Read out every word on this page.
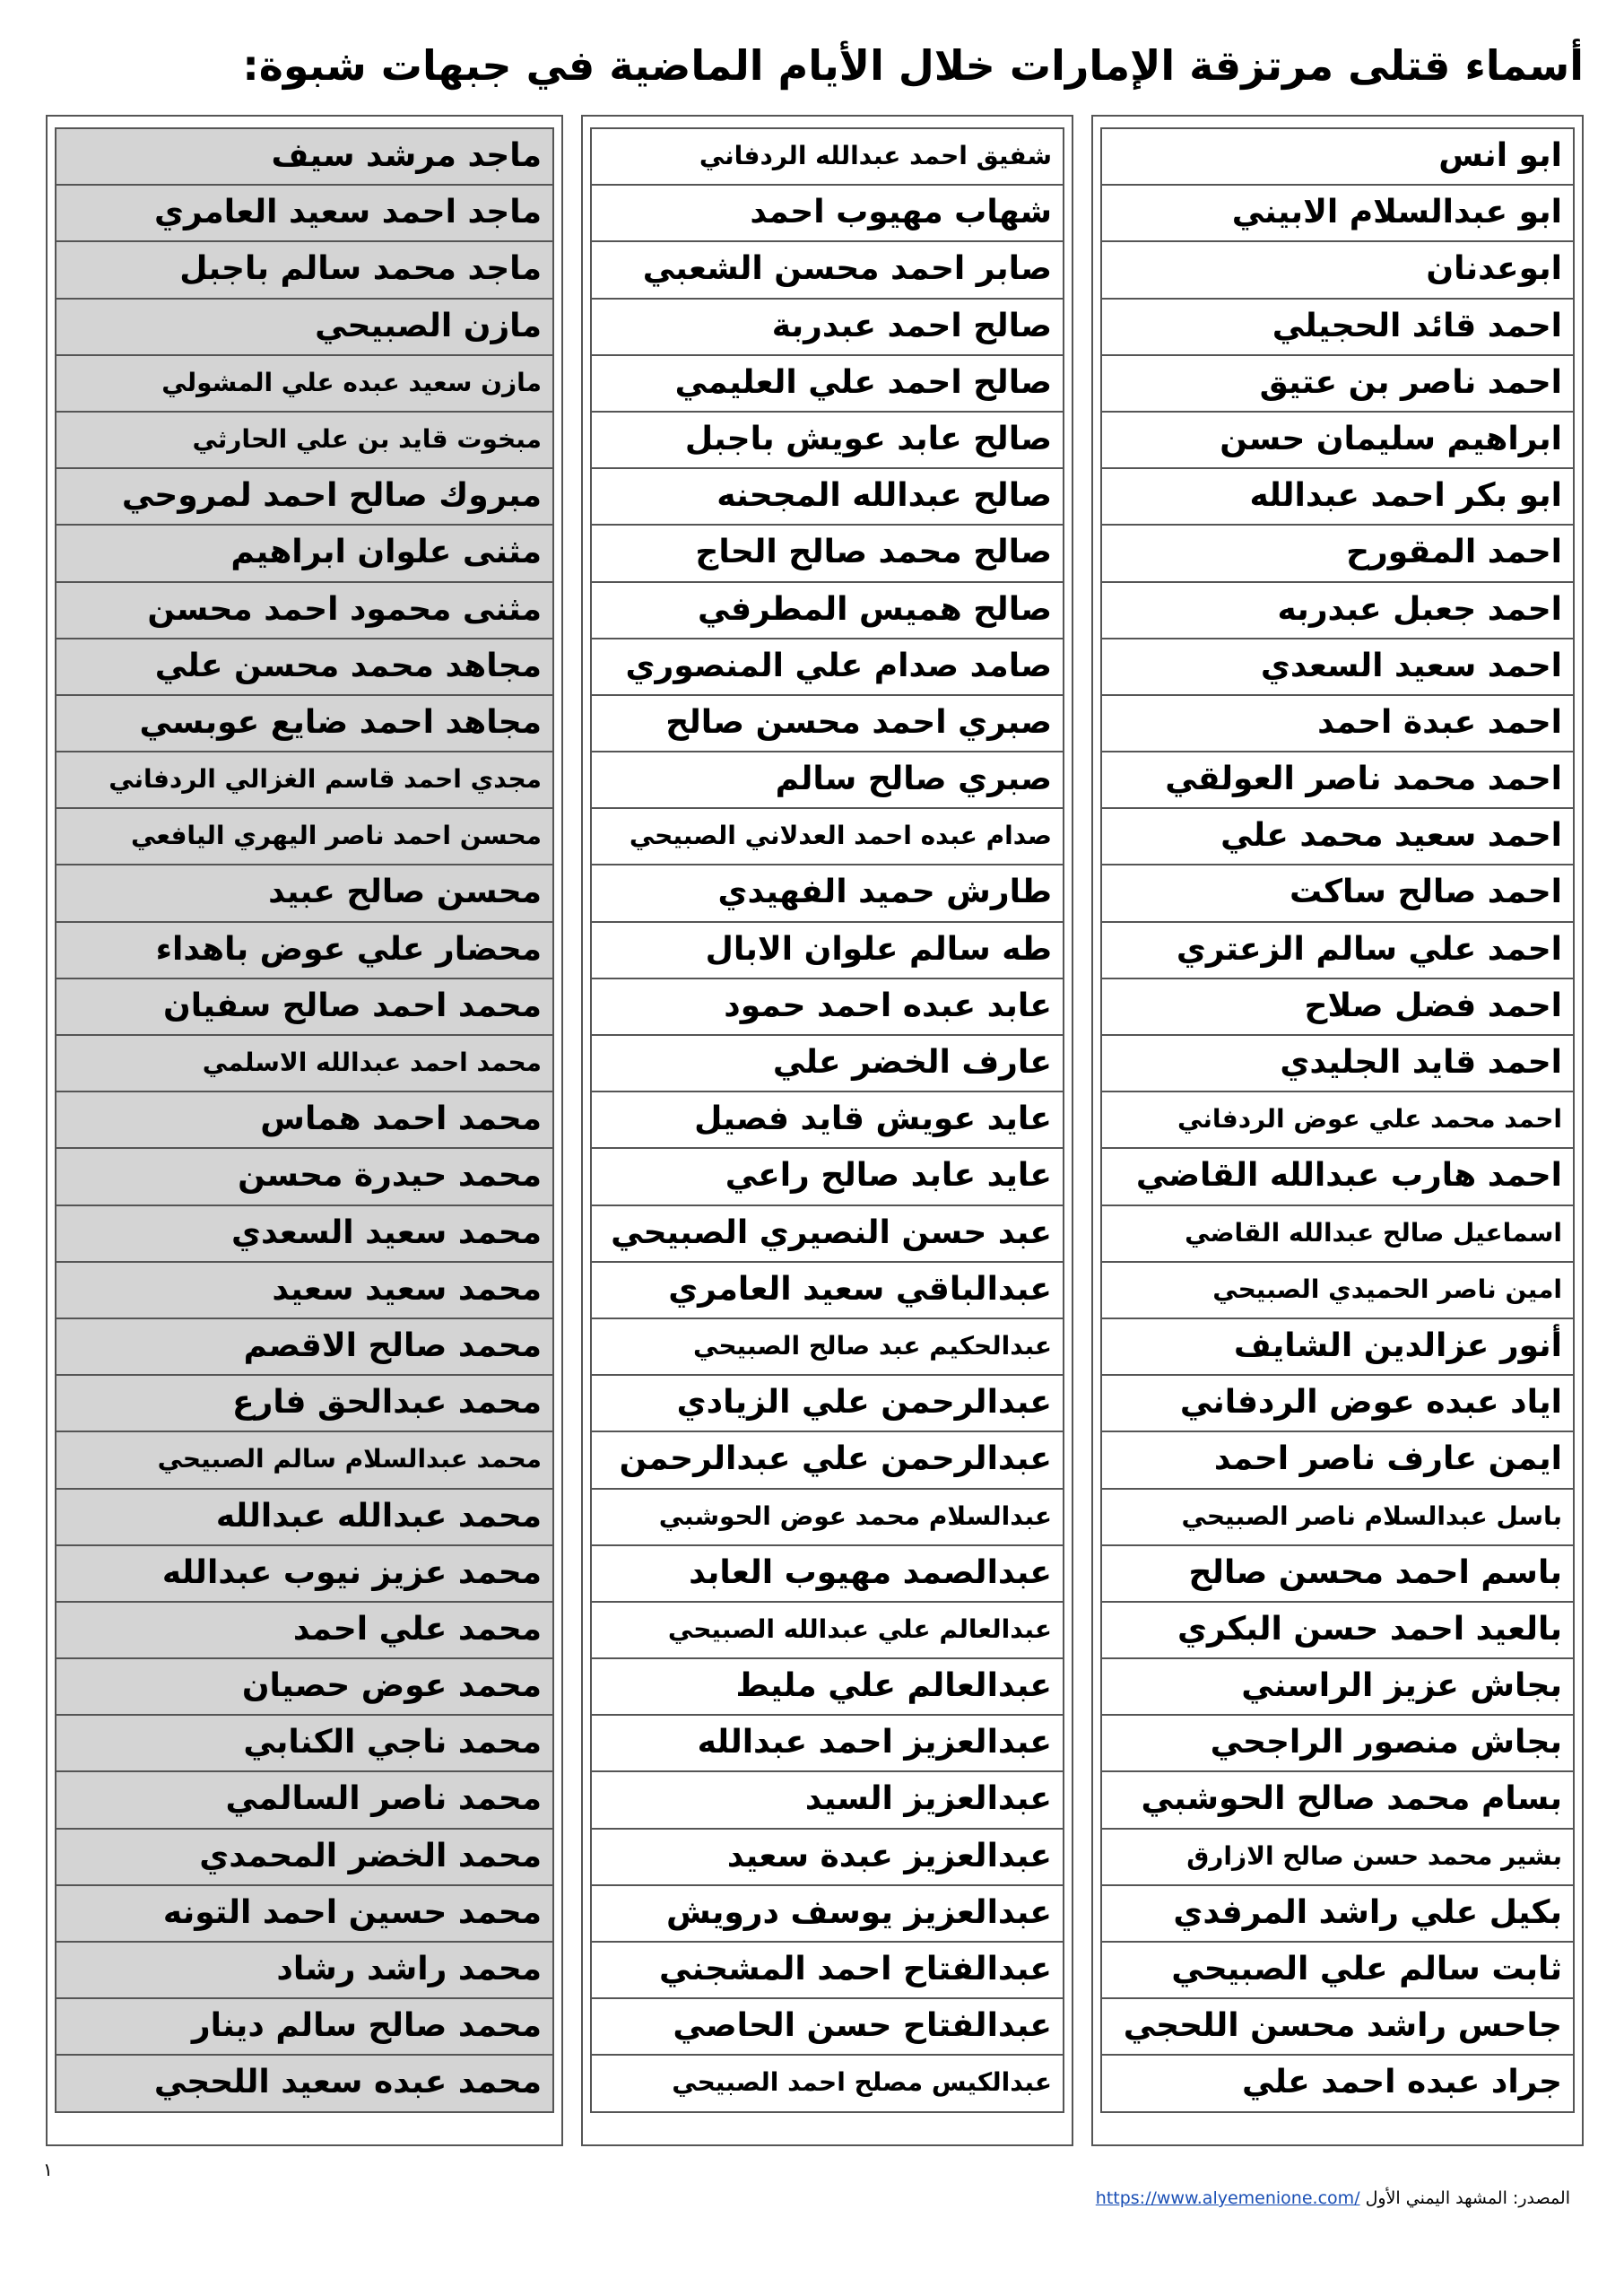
أسماء قتلى مرتزقة الإمارات خلال الأيام الماضية في جبهات شبوة:
ابو انس
ابو عبدالسلام الابيني
ابوعدنان
احمد قائد الحجيلي
احمد ناصر بن عتيق
ابراهيم سليمان حسن
ابو بكر احمد عبدالله
احمد المقورح
احمد جعبل عبدربه
احمد سعيد السعدي
احمد عبدة احمد
احمد محمد ناصر العولقي
احمد سعيد محمد علي
احمد صالح ساكت
احمد علي سالم الزعتري
احمد فضل صلاح
احمد قايد الجليدي
احمد محمد علي عوض الردفاني
احمد هارب عبدالله القاضي
اسماعيل صالح عبدالله القاضي
امين ناصر الحميدي الصبيحي
أنور عزالدين الشايف
اياد عبده عوض الردفاني
ايمن عارف ناصر احمد
باسل عبدالسلام ناصر الصبيحي
باسم احمد محسن صالح
بالعيد احمد حسن البكري
بجاش عزيز الراسني
بجاش منصور الراجحي
بسام محمد صالح الحوشبي
بشير محمد حسن صالح الازارق
بكيل علي راشد المرفدي
ثابت سالم علي الصبيحي
جاحس راشد محسن اللحجي
جراد عبده احمد علي
شفيق احمد عبدالله الردفاني
شهاب مهيوب احمد
صابر احمد محسن الشعبي
صالح احمد عبدربة
صالح احمد علي العليمي
صالح عابد عويش باجبل
صالح عبدالله المجحنه
صالح محمد صالح الحاج
صالح هميس المطرفي
صامد صدام علي المنصوري
صبري احمد محسن صالح
صبري صالح سالم
صدام عبده احمد العدلاني الصبيحي
طارش حميد الفهيدي
طه سالم علوان الابال
عابد عبده احمد حمود
عارف الخضر علي
عايد عويش قايد فصيل
عايد عابد صالح راعي
عبد حسن النصيري الصبيحي
عبدالباقي سعيد العامري
عبدالحكيم عبد صالح الصبيحي
عبدالرحمن علي الزيادي
عبدالرحمن علي عبدالرحمن
عبدالسلام محمد عوض الحوشبي
عبدالصمد مهيوب العابد
عبدالعالم علي عبدالله الصبيحي
عبدالعالم علي مليط
عبدالعزيز احمد عبدالله
عبدالعزيز السيد
عبدالعزيز عبدة سعيد
عبدالعزيز يوسف درويش
عبدالفتاح احمد المشجني
عبدالفتاح حسن الحاصي
عبدالكيس مصلح احمد الصبيحي
ماجد مرشد سيف
ماجد احمد سعيد العامري
ماجد محمد سالم باجبل
مازن الصبيحي
مازن سعيد عبده علي المشولي
مبخوت قايد بن علي الحارثي
مبروك صالح احمد لمروحي
مثنى علوان ابراهيم
مثنى محمود احمد محسن
مجاهد محمد محسن علي
مجاهد احمد ضايع عوبسي
مجدي احمد قاسم الغزالي الردفاني
محسن احمد ناصر اليهري اليافعي
محسن صالح عبيد
محضار علي عوض باهداء
محمد احمد صالح سفيان
محمد احمد عبدالله الاسلمي
محمد احمد هماس
محمد حيدرة محسن
محمد سعيد السعدي
محمد سعيد سعيد
محمد صالح الاقصم
محمد عبدالحق فارع
محمد عبدالسلام سالم الصبيحي
محمد عبدالله عبدالله
محمد عزيز نيوب عبدالله
محمد علي احمد
محمد عوض حصيان
محمد ناجي الكنابي
محمد ناصر السالمي
محمد الخضر المحمدي
محمد حسين احمد التونه
محمد راشد رشاد
محمد صالح سالم دينار
محمد عبده سعيد اللحجي
١
المصدر: المشهد اليمني الأول https://www.alyemenione.com/
